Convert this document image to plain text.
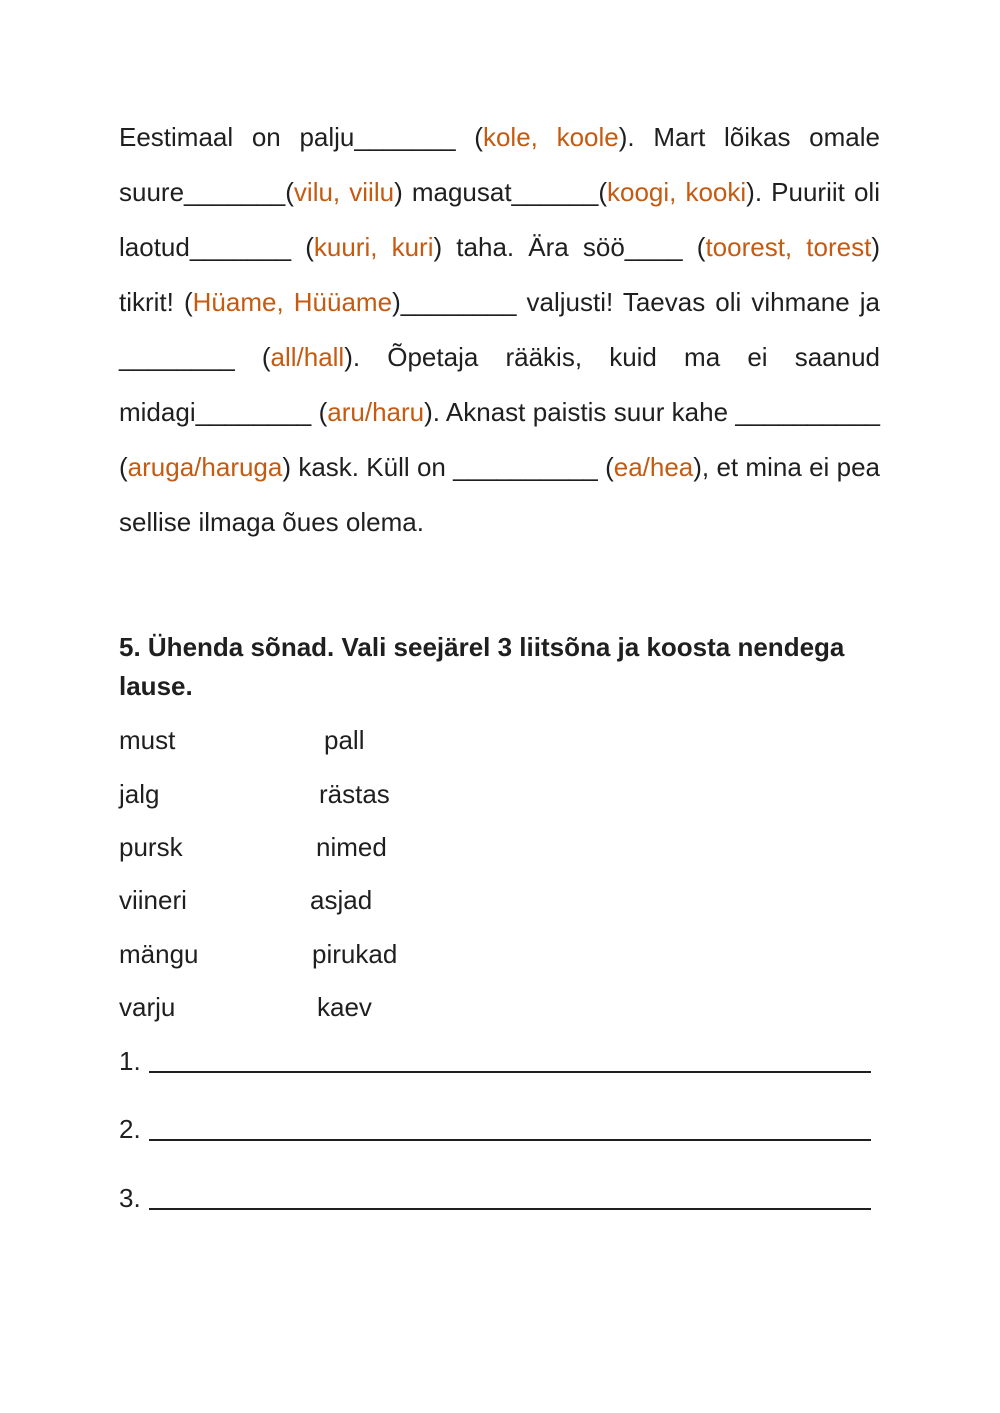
Eestimaal on palju_______ (kole, koole). Mart lõikas omale suure_______(vilu, viilu) magusat______(koogi, kooki). Puuriit oli laotud_______ (kuuri, kuri) taha. Ära söö____ (toorest, torest) tikrit! (Hüame, Hüüame)________ valjusti! Taevas oli vihmane ja ________ (all/hall). Õpetaja rääkis, kuid ma ei saanud midagi________ (aru/haru). Aknast paistis suur kahe __________ (aruga/haruga) kask. Küll on __________ (ea/hea), et mina ei pea sellise ilmaga õues olema.

5. Ühenda sõnad. Vali seejärel 3 liitsõna ja koosta nendega lause.

must	pall
jalg	rästas
pursk	nimed
viineri	asjad
mängu	pirukad
varju	kaev
1.
2.
3.
